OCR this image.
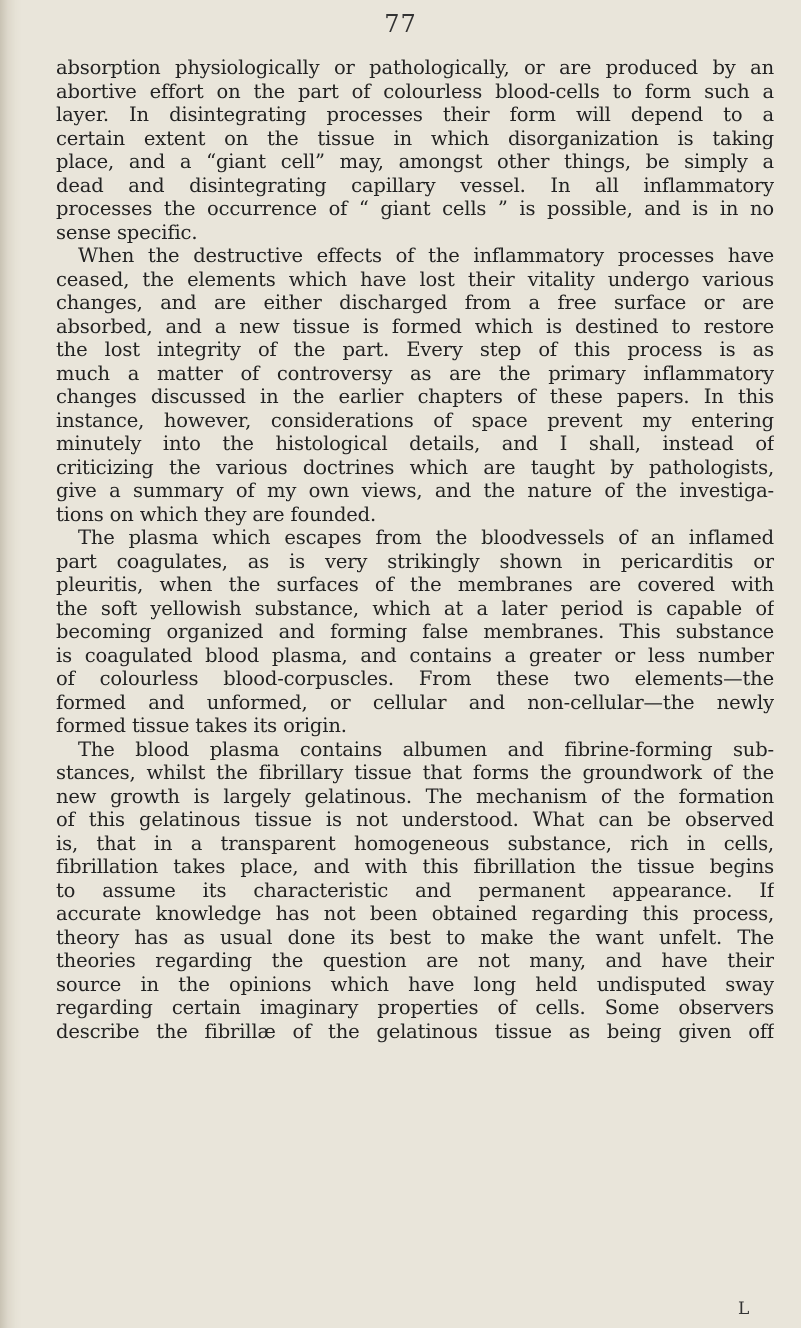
77
absorption physiologically or pathologically, or are produced by an
abortive effort on the part of colourless blood-cells to form such a
layer. In disintegrating processes their form will depend to a
certain extent on the tissue in which disorganization is taking
place, and a “giant cell” may, amongst other things, be simply a
dead and disintegrating capillary vessel. In all inflammatory
processes the occurrence of “ giant cells ” is possible, and is in no
sense specific.
When the destructive effects of the inflammatory processes have
ceased, the elements which have lost their vitality undergo various
changes, and are either discharged from a free surface or are
absorbed, and a new tissue is formed which is destined to restore
the lost integrity of the part. Every step of this process is as
much a matter of controversy as are the primary inflammatory
changes discussed in the earlier chapters of these papers. In this
instance, however, considerations of space prevent my entering
minutely into the histological details, and I shall, instead of
criticizing the various doctrines which are taught by pathologists,
give a summary of my own views, and the nature of the investiga-
tions on which they are founded.
The plasma which escapes from the bloodvessels of an inflamed
part coagulates, as is very strikingly shown in pericarditis or
pleuritis, when the surfaces of the membranes are covered with
the soft yellowish substance, which at a later period is capable of
becoming organized and forming false membranes. This substance
is coagulated blood plasma, and contains a greater or less number
of colourless blood-corpuscles. From these two elements—the
formed and unformed, or cellular and non-cellular—the newly
formed tissue takes its origin.
The blood plasma contains albumen and fibrine-forming sub-
stances, whilst the fibrillary tissue that forms the groundwork of the
new growth is largely gelatinous. The mechanism of the formation
of this gelatinous tissue is not understood. What can be observed
is, that in a transparent homogeneous substance, rich in cells,
fibrillation takes place, and with this fibrillation the tissue begins
to assume its characteristic and permanent appearance. If
accurate knowledge has not been obtained regarding this process,
theory has as usual done its best to make the want unfelt. The
theories regarding the question are not many, and have their
source in the opinions which have long held undisputed sway
regarding certain imaginary properties of cells. Some observers
describe the fibrillæ of the gelatinous tissue as being given off
L
